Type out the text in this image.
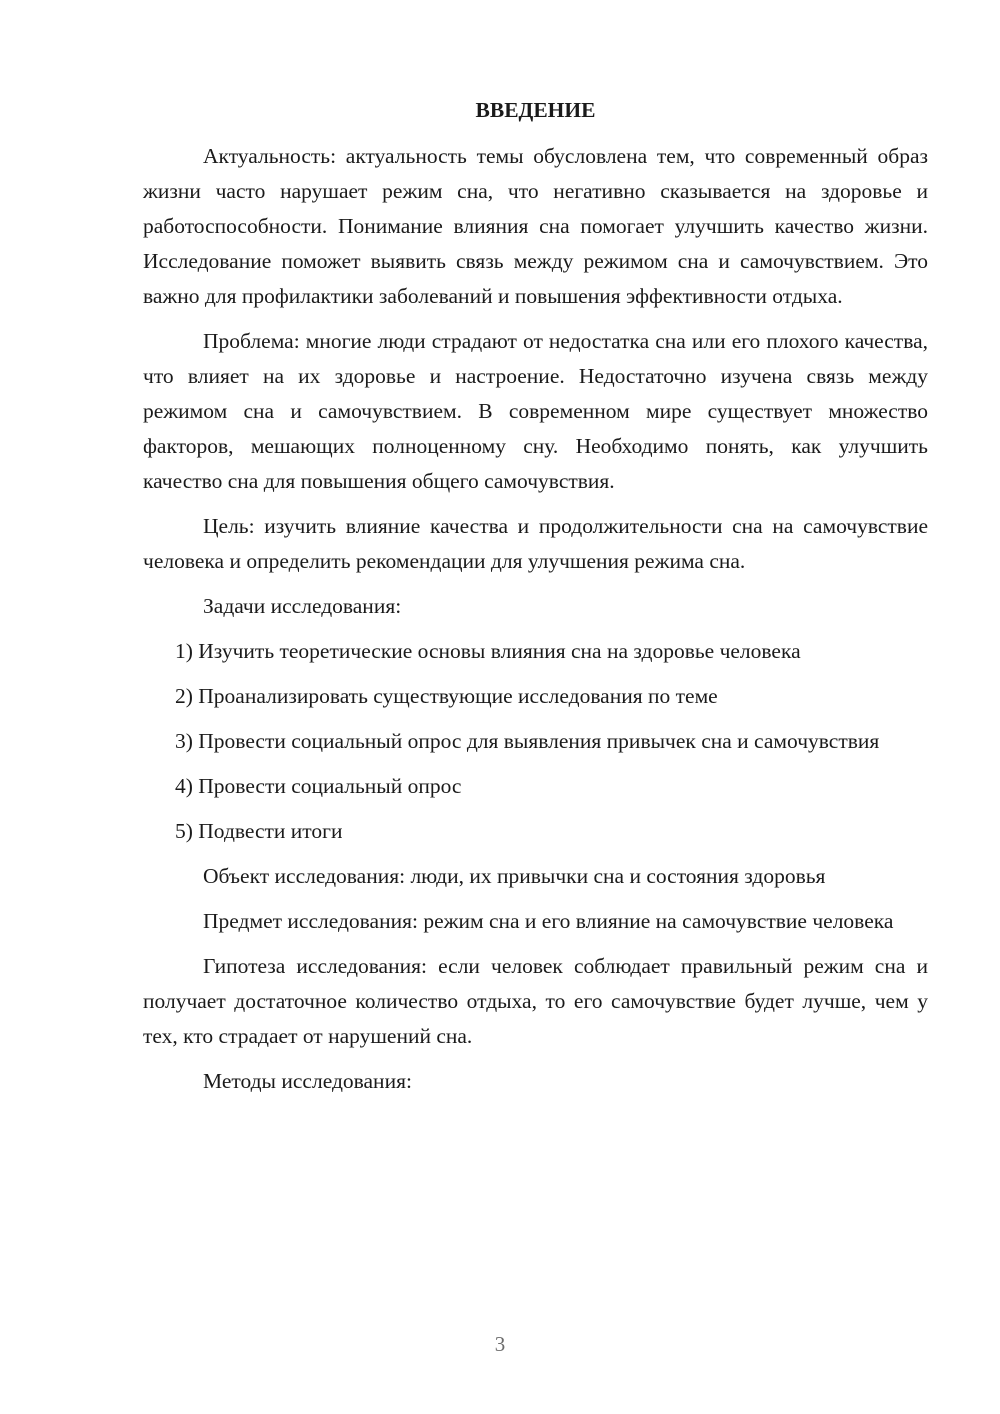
ВВЕДЕНИЕ

Актуальность: актуальность темы обусловлена тем, что современный образ жизни часто нарушает режим сна, что негативно сказывается на здоровье и работоспособности. Понимание влияния сна помогает улучшить качество жизни. Исследование поможет выявить связь между режимом сна и самочувствием. Это важно для профилактики заболеваний и повышения эффективности отдыха.

Проблема: многие люди страдают от недостатка сна или его плохого качества, что влияет на их здоровье и настроение. Недостаточно изучена связь между режимом сна и самочувствием. В современном мире существует множество факторов, мешающих полноценному сну. Необходимо понять, как улучшить качество сна для повышения общего самочувствия.

Цель: изучить влияние качества и продолжительности сна на самочувствие человека и определить рекомендации для улучшения режима сна.

Задачи исследования:

1) Изучить теоретические основы влияния сна на здоровье человека

2) Проанализировать существующие исследования по теме

3) Провести социальный опрос для выявления привычек сна и самочувствия

4) Провести социальный опрос

5) Подвести итоги

Объект исследования: люди, их привычки сна и состояния здоровья

Предмет исследования: режим сна и его влияние на самочувствие человека

Гипотеза исследования: если человек соблюдает правильный режим сна и получает достаточное количество отдыха, то его самочувствие будет лучше, чем у тех, кто страдает от нарушений сна.

Методы исследования:

3
